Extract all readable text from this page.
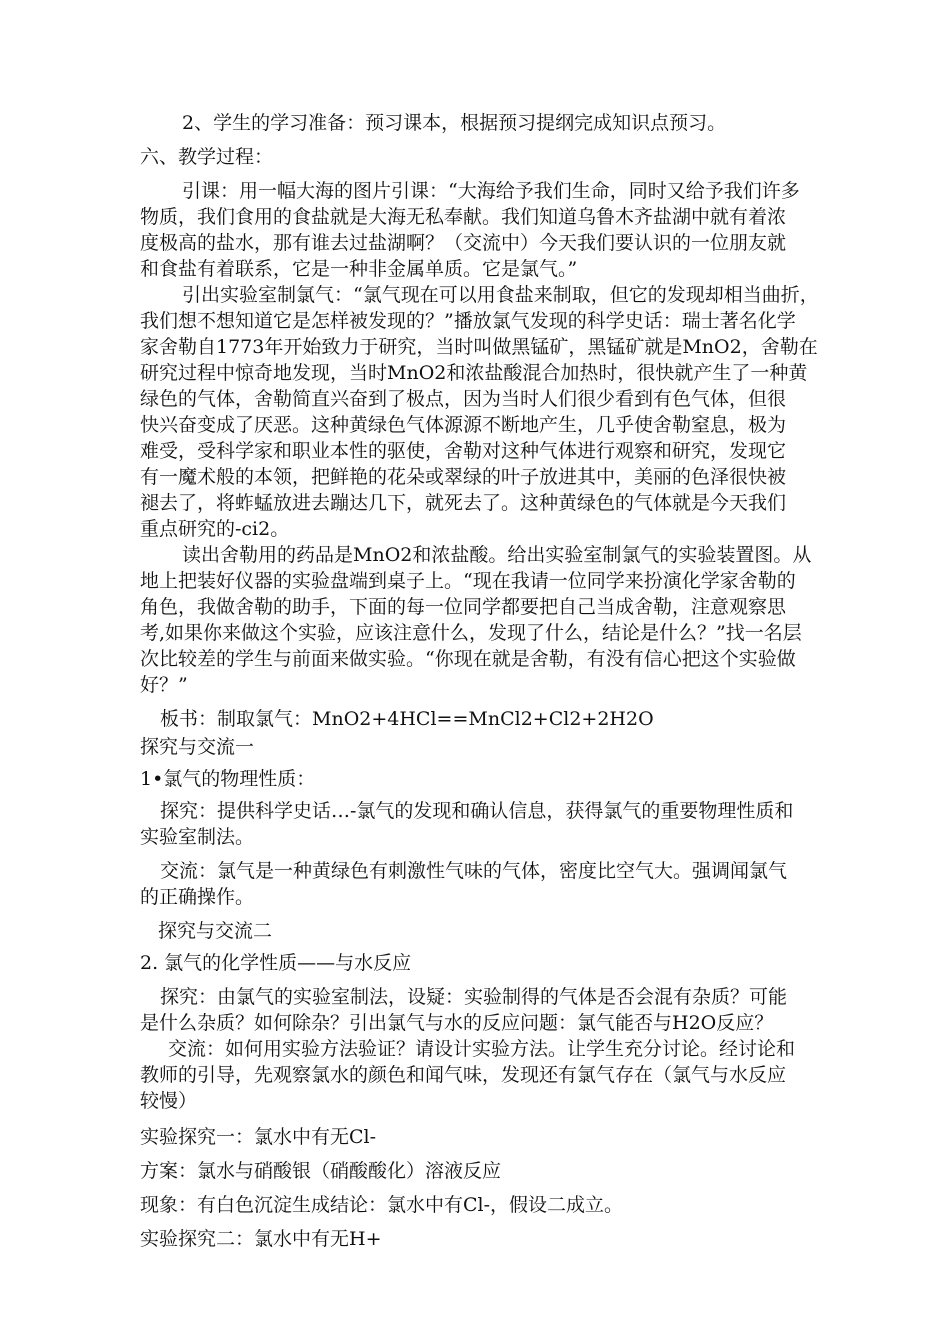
2、学生的学习准备：预习课本，根据预习提纲完成知识点预习。

六、教学过程：

引课：用一幅大海的图片引课：“大海给予我们生命，同时又给予我们许多

物质，我们食用的食盐就是大海无私奉献。我们知道乌鲁木齐盐湖中就有着浓

度极高的盐水，那有谁去过盐湖啊？（交流中）今天我们要认识的一位朋友就

和食盐有着联系，它是一种非金属单质。它是氯气。”

引出实验室制氯气：“氯气现在可以用食盐来制取，但它的发现却相当曲折，

我们想不想知道它是怎样被发现的？”播放氯气发现的科学史话：瑞士著名化学

家舍勒自1773年开始致力于研究，当时叫做黑锰矿，黑锰矿就是MnO2，舍勒在

研究过程中惊奇地发现，当时MnO2和浓盐酸混合加热时，很快就产生了一种黄

绿色的气体，舍勒简直兴奋到了极点，因为当时人们很少看到有色气体，但很

快兴奋变成了厌恶。这种黄绿色气体源源不断地产生，几乎使舍勒窒息，极为

难受，受科学家和职业本性的驱使，舍勒对这种气体进行观察和研究，发现它

有一魔术般的本领，把鲜艳的花朵或翠绿的叶子放进其中，美丽的色泽很快被

褪去了，将蚱蜢放进去蹦达几下，就死去了。这种黄绿色的气体就是今天我们

重点研究的-ci2。

读出舍勒用的药品是MnO2和浓盐酸。给出实验室制氯气的实验装置图。从

地上把装好仪器的实验盘端到桌子上。“现在我请一位同学来扮演化学家舍勒的

角色，我做舍勒的助手，下面的每一位同学都要把自己当成舍勒，注意观察思

考,如果你来做这个实验，应该注意什么，发现了什么，结论是什么？”找一名层

次比较差的学生与前面来做实验。“你现在就是舍勒，有没有信心把这个实验做

好？”

板书：制取氯气：MnO2+4HCl==MnCl2+Cl2+2H2O

探究与交流一

1•氯气的物理性质：

探究：提供科学史话…-氯气的发现和确认信息，获得氯气的重要物理性质和

实验室制法。

交流：氯气是一种黄绿色有刺激性气味的气体，密度比空气大。强调闻氯气

的正确操作。

探究与交流二

2. 氯气的化学性质——与水反应

探究：由氯气的实验室制法，设疑：实验制得的气体是否会混有杂质？可能

是什么杂质？如何除杂？引出氯气与水的反应问题：氯气能否与H2O反应？

交流：如何用实验方法验证？请设计实验方法。让学生充分讨论。经讨论和

教师的引导，先观察氯水的颜色和闻气味，发现还有氯气存在（氯气与水反应

较慢）

实验探究一：氯水中有无Cl-

方案：氯水与硝酸银（硝酸酸化）溶液反应

现象：有白色沉淀生成结论：氯水中有Cl-，假设二成立。

实验探究二：氯水中有无H+
